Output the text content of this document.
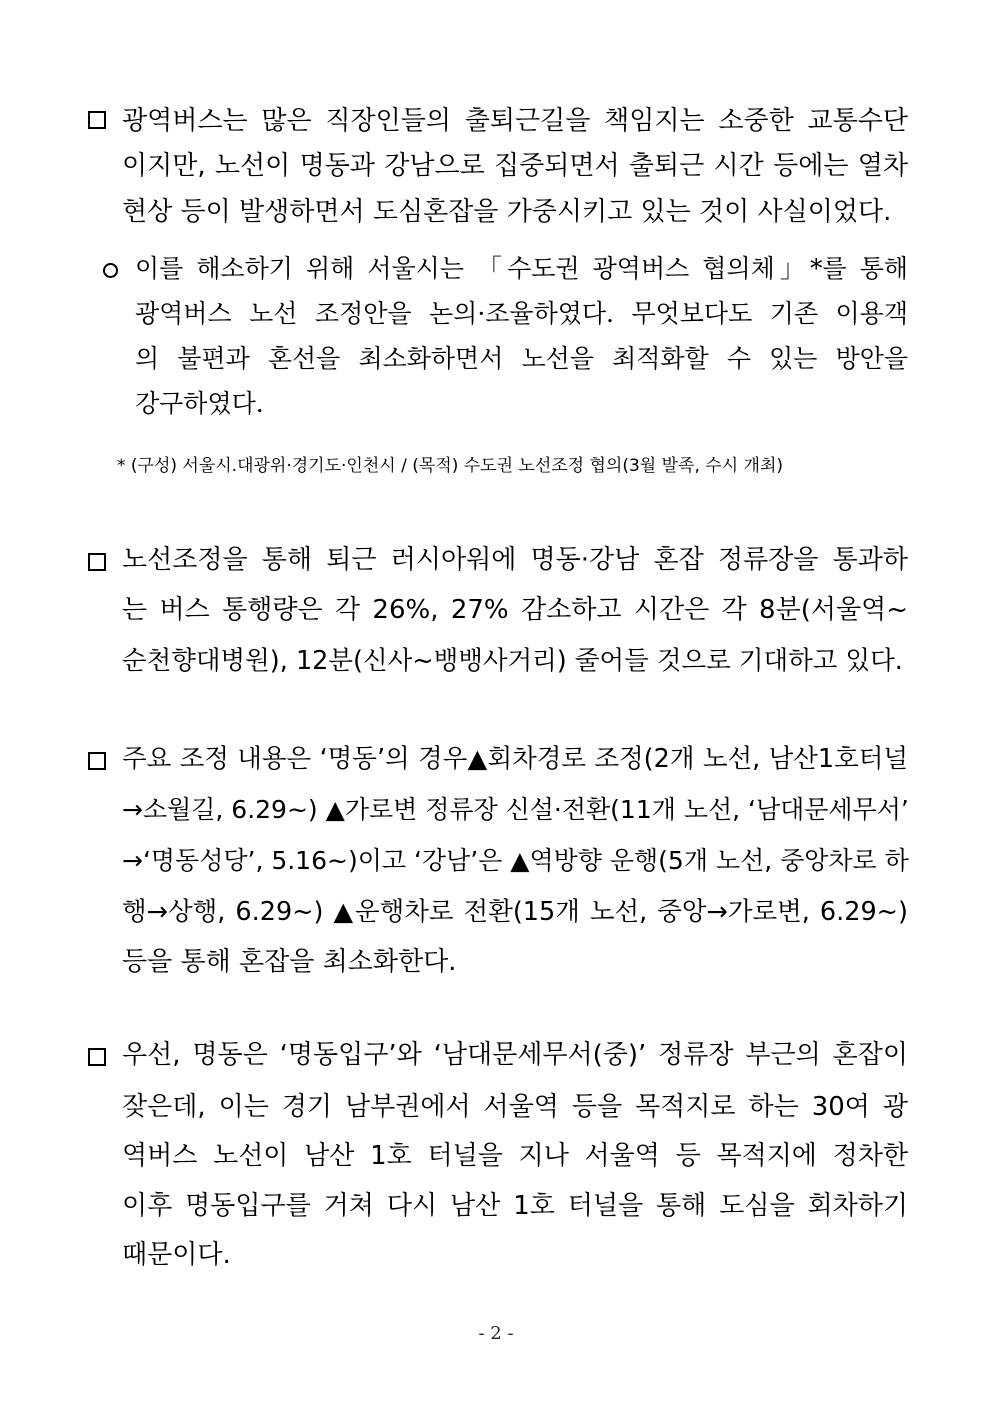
광역버스는 많은 직장인들의 출퇴근길을 책임지는 소중한 교통수단
이지만, 노선이 명동과 강남으로 집중되면서 출퇴근 시간 등에는 열차
현상 등이 발생하면서 도심혼잡을 가중시키고 있는 것이 사실이었다.
이를 해소하기 위해 서울시는 「수도권 광역버스 협의체」*를 통해
광역버스 노선 조정안을 논의·조율하였다. 무엇보다도 기존 이용객
의 불편과 혼선을 최소화하면서 노선을 최적화할 수 있는 방안을
강구하였다.
* (구성) 서울시.대광위·경기도·인천시 / (목적) 수도권 노선조정 협의(3월 발족, 수시 개최)
노선조정을 통해 퇴근 러시아워에 명동·강남 혼잡 정류장을 통과하
는 버스 통행량은 각 26%, 27% 감소하고 시간은 각 8분(서울역~
순천향대병원), 12분(신사~뱅뱅사거리) 줄어들 것으로 기대하고 있다.
주요 조정 내용은 ‘명동’의 경우▲회차경로 조정(2개 노선, 남산1호터널
→소월길, 6.29~) ▲가로변 정류장 신설·전환(11개 노선, ‘남대문세무서’
→‘명동성당’, 5.16~)이고 ‘강남’은 ▲역방향 운행(5개 노선, 중앙차로 하
행→상행, 6.29~) ▲운행차로 전환(15개 노선, 중앙→가로변, 6.29~)
등을 통해 혼잡을 최소화한다.
우선, 명동은 ‘명동입구’와 ‘남대문세무서(중)’ 정류장 부근의 혼잡이
잦은데, 이는 경기 남부권에서 서울역 등을 목적지로 하는 30여 광
역버스 노선이 남산 1호 터널을 지나 서울역 등 목적지에 정차한
이후 명동입구를 거쳐 다시 남산 1호 터널을 통해 도심을 회차하기
때문이다.
- 2 -
